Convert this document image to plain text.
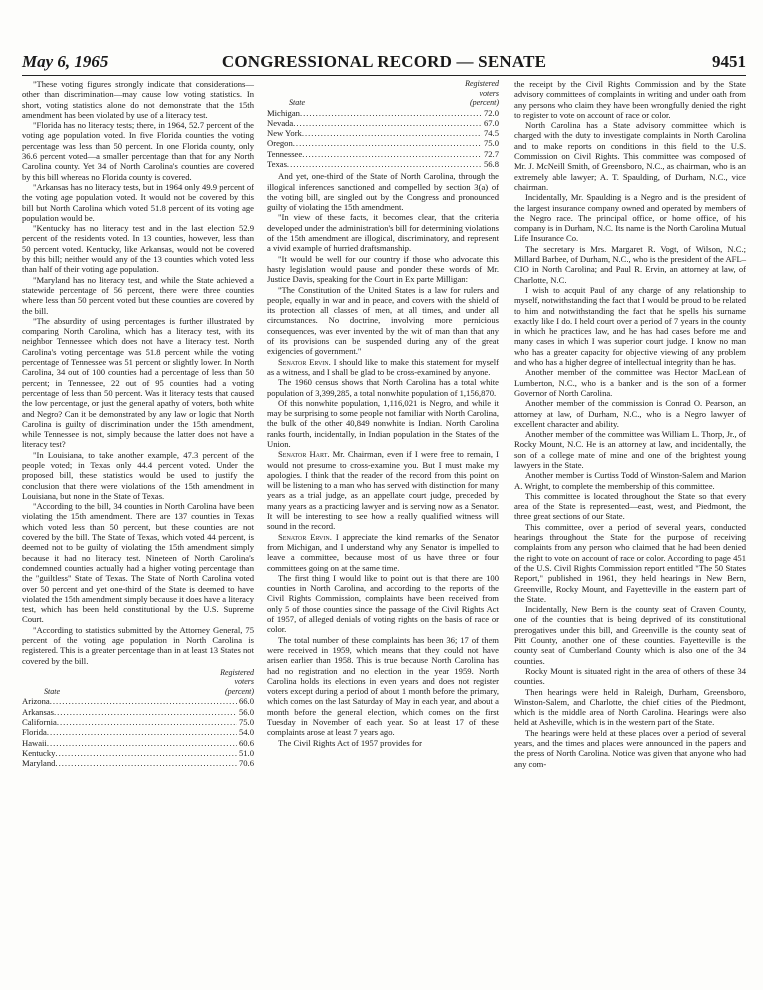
May 6, 1965	CONGRESSIONAL RECORD — SENATE	9451

"These voting figures strongly indicate that considerations—other than discrimination—may cause low voting statistics. In short, voting statistics alone do not demonstrate that the 15th amendment has been violated by use of a literacy test.

"Florida has no literacy tests; there, in 1964, 52.7 percent of the voting age population voted. In five Florida counties the voting percentage was less than 50 percent. In one Florida county, only 36.6 percent voted—a smaller percentage than that for any North Carolina county. Yet 34 of North Carolina's counties are covered by this bill whereas no Florida county is covered.

"Arkansas has no literacy tests, but in 1964 only 49.9 percent of the voting age population voted. It would not be covered by this bill but North Carolina which voted 51.8 percent of its voting age population would be.

"Kentucky has no literacy test and in the last election 52.9 percent of the residents voted. In 13 counties, however, less than 50 percent voted. Kentucky, like Arkansas, would not be covered by this bill; neither would any of the 13 counties which voted less than half of their voting age population.

"Maryland has no literacy test, and while the State achieved a statewide percentage of 56 percent, there were three counties where less than 50 percent voted but these counties are covered by the bill.

"The absurdity of using percentages is further illustrated by comparing North Carolina, which has a literacy test, with its neighbor Tennessee which does not have a literacy test. North Carolina's voting percentage was 51.8 percent while the voting percentage of Tennessee was 51 percent or slightly lower. In North Carolina, 34 out of 100 counties had a percentage of less than 50 percent; in Tennessee, 22 out of 95 counties had a voting percentage of less than 50 percent. Was it literacy tests that caused the low percentage, or just the general apathy of voters, both white and Negro? Can it be demonstrated by any law or logic that North Carolina is guilty of discrimination under the 15th amendment, while Tennessee is not, simply because the latter does not have a literacy test?

"In Louisiana, to take another example, 47.3 percent of the people voted; in Texas only 44.4 percent voted. Under the proposed bill, these statistics would be used to justify the conclusion that there were violations of the 15th amendment in Louisiana, but none in the State of Texas.

"According to the bill, 34 counties in North Carolina have been violating the 15th amendment. There are 137 counties in Texas which voted less than 50 percent, but these counties are not covered by the bill. The State of Texas, which voted 44 percent, is deemed not to be guilty of violating the 15th amendment simply because it had no literacy test. Nineteen of North Carolina's condemned counties actually had a higher voting percentage than the "guiltless" State of Texas. The State of North Carolina voted over 50 percent and yet one-third of the State is deemed to have violated the 15th amendment simply because it does have a literacy test, which has been held constitutional by the U.S. Supreme Court.

"According to statistics submitted by the Attorney General, 75 percent of the voting age population in North Carolina is registered. This is a greater percentage than in at least 13 States not covered by the bill.

Registered
voters
State	(percent)
Arizona .....	66.0
Arkansas .....	56.0
California .....	75.0
Florida .....	54.0
Hawaii .....	60.6
Kentucky .....	51.0
Maryland .....	70.6
Registered
voters
State	(percent)
Michigan .....	72.0
Nevada .....	67.0
New York .....	74.5
Oregon .....	75.0
Tennessee .....	72.7
Texas .....	56.8

And yet, one-third of the State of North Carolina, through the illogical inferences sanctioned and compelled by section 3(a) of the voting bill, are singled out by the Congress and pronounced guilty of violating the 15th amendment.

"In view of these facts, it becomes clear, that the criteria developed under the administration's bill for determining violations of the 15th amendment are illogical, discriminatory, and represent a vivid example of hurried draftsmanship.

"It would be well for our country if those who advocate this hasty legislation would pause and ponder these words of Mr. Justice Davis, speaking for the Court in Ex parte Milligan:

"The Constitution of the United States is a law for rulers and people, equally in war and in peace, and covers with the shield of its protection all classes of men, at all times, and under all circumstances. No doctrine, involving more pernicious consequences, was ever invented by the wit of man than that any of its provisions can be suspended during any of the great exigencies of government."

Senator Ervin. I should like to make this statement for myself as a witness, and I shall be glad to be cross-examined by anyone.

The 1960 census shows that North Carolina has a total white population of 3,399,285, a total nonwhite population of 1,156,870.

Of this nonwhite population, 1,116,021 is Negro, and while it may be surprising to some people not familiar with North Carolina, the bulk of the other 40,849 nonwhite is Indian. North Carolina ranks fourth, incidentally, in Indian population in the States of the Union.

Senator Hart. Mr. Chairman, even if I were free to remain, I would not presume to cross-examine you. But I must make my apologies. I think that the reader of the record from this point on will be listening to a man who has served with distinction for many years as a trial judge, as an appellate court judge, preceded by many years as a practicing lawyer and is serving now as a Senator. It will be interesting to see how a really qualified witness will sound in the record.

Senator Ervin. I appreciate the kind remarks of the Senator from Michigan, and I understand why any Senator is impelled to leave a committee, because most of us have three or four committees going on at the same time.

The first thing I would like to point out is that there are 100 counties in North Carolina, and according to the reports of the Civil Rights Commission, complaints have been received from only 5 of those counties since the passage of the Civil Rights Act of 1957, of alleged denials of voting rights on the basis of race or color.

The total number of these complaints has been 36; 17 of them were received in 1959, which means that they could not have arisen earlier than 1958. This is true because North Carolina has had no registration and no election in the year 1959. North Carolina holds its elections in even years and does not register voters except during a period of about 1 month before the primary, which comes on the last Saturday of May in each year, and about a month before the general election, which comes on the first Tuesday in November of each year. So at least 17 of these complaints arose at least 7 years ago.

The Civil Rights Act of 1957 provides for

the receipt by the Civil Rights Commission and by the State advisory committees of complaints in writing and under oath from any persons who claim they have been wrongfully denied the right to register to vote on account of race or color.

North Carolina has a State advisory committee which is charged with the duty to investigate complaints in North Carolina and to make reports on conditions in this field to the U.S. Commission on Civil Rights. This committee was composed of Mr. J. McNeill Smith, of Greensboro, N.C., as chairman, who is an extremely able lawyer; A. T. Spaulding, of Durham, N.C., vice chairman.

Incidentally, Mr. Spaulding is a Negro and is the president of the largest insurance company owned and operated by members of the Negro race. The principal office, or home office, of his company is in Durham, N.C. Its name is the North Carolina Mutual Life Insurance Co.

The secretary is Mrs. Margaret R. Vogt, of Wilson, N.C.; Millard Barbee, of Durham, N.C., who is the president of the AFL–CIO in North Carolina; and Paul R. Ervin, an attorney at law, of Charlotte, N.C.

I wish to acquit Paul of any charge of any relationship to myself, notwithstanding the fact that I would be proud to be related to him and notwithstanding the fact that he spells his surname exactly like I do. I held court over a period of 7 years in the county in which he practices law, and he has had cases before me and many cases in which I was superior court judge. I know no man who has a greater capacity for objective viewing of any problem and who has a higher degree of intellectual integrity than he has.

Another member of the committee was Hector MacLean of Lumberton, N.C., who is a banker and is the son of a former Governor of North Carolina.

Another member of the commission is Conrad O. Pearson, an attorney at law, of Durham, N.C., who is a Negro lawyer of excellent character and ability.

Another member of the committee was William L. Thorp, Jr., of Rocky Mount, N.C. He is an attorney at law, and incidentally, the son of a college mate of mine and one of the brightest young lawyers in the State.

Another member is Curtiss Todd of Winston-Salem and Marion A. Wright, to complete the membership of this committee.

This committee is located throughout the State so that every area of the State is represented—east, west, and Piedmont, the three great sections of our State.

This committee, over a period of several years, conducted hearings throughout the State for the purpose of receiving complaints from any person who claimed that he had been denied the right to vote on account of race or color. According to page 451 of the U.S. Civil Rights Commission report entitled "The 50 States Report," published in 1961, they held hearings in New Bern, Greenville, Rocky Mount, and Fayetteville in the eastern part of the State.

Incidentally, New Bern is the county seat of Craven County, one of the counties that is being deprived of its constitutional prerogatives under this bill, and Greenville is the county seat of Pitt County, another one of these counties. Fayetteville is the county seat of Cumberland County which is also one of the 34 counties.

Rocky Mount is situated right in the area of others of these 34 counties.

Then hearings were held in Raleigh, Durham, Greensboro, Winston-Salem, and Charlotte, the chief cities of the Piedmont, which is the middle area of North Carolina. Hearings were also held at Asheville, which is in the western part of the State.

The hearings were held at these places over a period of several years, and the times and places were announced in the papers and the press of North Carolina. Notice was given that anyone who had any com-
